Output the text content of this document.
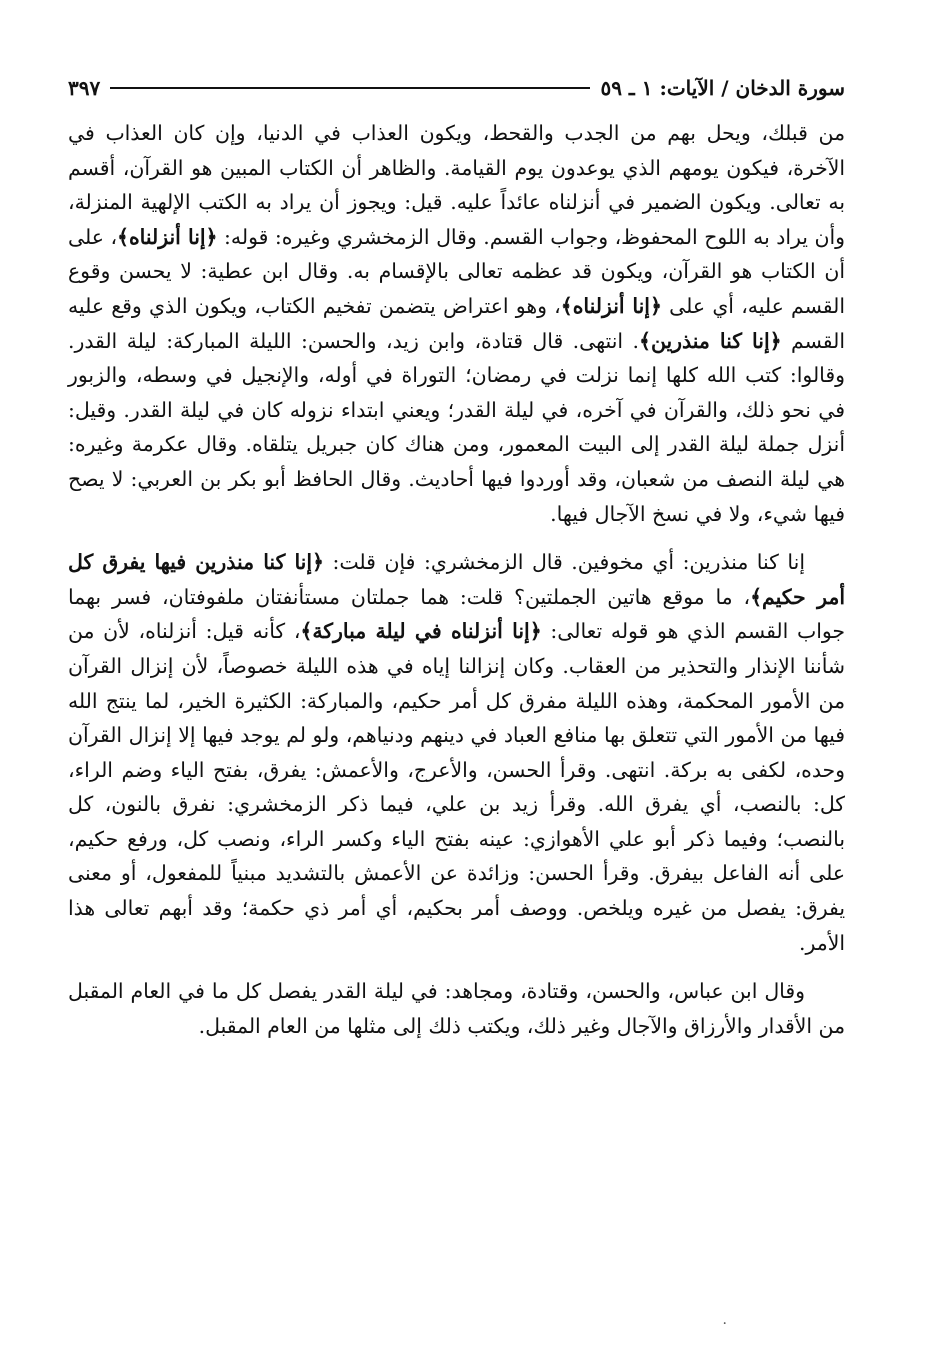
سورة الدخان / الآيات: ١ ـ ٥٩
٣٩٧

من قبلك، ويحل بهم من الجدب والقحط، ويكون العذاب في الدنيا، وإن كان العذاب في الآخرة، فيكون يومهم الذي يوعدون يوم القيامة. والظاهر أن الكتاب المبين هو القرآن، أقسم به تعالى. ويكون الضمير في أنزلناه عائداً عليه. قيل: ويجوز أن يراد به الكتب الإلهية المنزلة، وأن يراد به اللوح المحفوظ، وجواب القسم. وقال الزمخشري وغيره: قوله: ﴿إنا أنزلناه﴾، على أن الكتاب هو القرآن، ويكون قد عظمه تعالى بالإقسام به. وقال ابن عطية: لا يحسن وقوع القسم عليه، أي على ﴿إنا أنزلناه﴾، وهو اعتراض يتضمن تفخيم الكتاب، ويكون الذي وقع عليه القسم ﴿إنا كنا منذرين﴾. انتهى. قال قتادة، وابن زيد، والحسن: الليلة المباركة: ليلة القدر. وقالوا: كتب الله كلها إنما نزلت في رمضان؛ التوراة في أوله، والإنجيل في وسطه، والزبور في نحو ذلك، والقرآن في آخره، في ليلة القدر؛ ويعني ابتداء نزوله كان في ليلة القدر. وقيل: أنزل جملة ليلة القدر إلى البيت المعمور، ومن هناك كان جبريل يتلقاه. وقال عكرمة وغيره: هي ليلة النصف من شعبان، وقد أوردوا فيها أحاديث. وقال الحافظ أبو بكر بن العربي: لا يصح فيها شيء، ولا في نسخ الآجال فيها.

إنا كنا منذرين: أي مخوفين. قال الزمخشري: فإن قلت: ﴿إنا كنا منذرين فيها يفرق كل أمر حكيم﴾، ما موقع هاتين الجملتين؟ قلت: هما جملتان مستأنفتان ملفوفتان، فسر بهما جواب القسم الذي هو قوله تعالى: ﴿إنا أنزلناه في ليلة مباركة﴾، كأنه قيل: أنزلناه، لأن من شأننا الإنذار والتحذير من العقاب. وكان إنزالنا إياه في هذه الليلة خصوصاً، لأن إنزال القرآن من الأمور المحكمة، وهذه الليلة مفرق كل أمر حكيم، والمباركة: الكثيرة الخير، لما ينتج الله فيها من الأمور التي تتعلق بها منافع العباد في دينهم ودنياهم، ولو لم يوجد فيها إلا إنزال القرآن وحده، لكفى به بركة. انتهى. وقرأ الحسن، والأعرج، والأعمش: يفرق، بفتح الياء وضم الراء، كل: بالنصب، أي يفرق الله. وقرأ زيد بن علي، فيما ذكر الزمخشري: نفرق بالنون، كل بالنصب؛ وفيما ذكر أبو علي الأهوازي: عينه بفتح الياء وكسر الراء، ونصب كل، ورفع حكيم، على أنه الفاعل بيفرق. وقرأ الحسن: وزائدة عن الأعمش بالتشديد مبنياً للمفعول، أو معنى يفرق: يفصل من غيره ويلخص. ووصف أمر بحكيم، أي أمر ذي حكمة؛ وقد أبهم تعالى هذا الأمر.

وقال ابن عباس، والحسن، وقتادة، ومجاهد: في ليلة القدر يفصل كل ما في العام المقبل من الأقدار والأرزاق والآجال وغير ذلك، ويكتب ذلك إلى مثلها من العام المقبل.

·
